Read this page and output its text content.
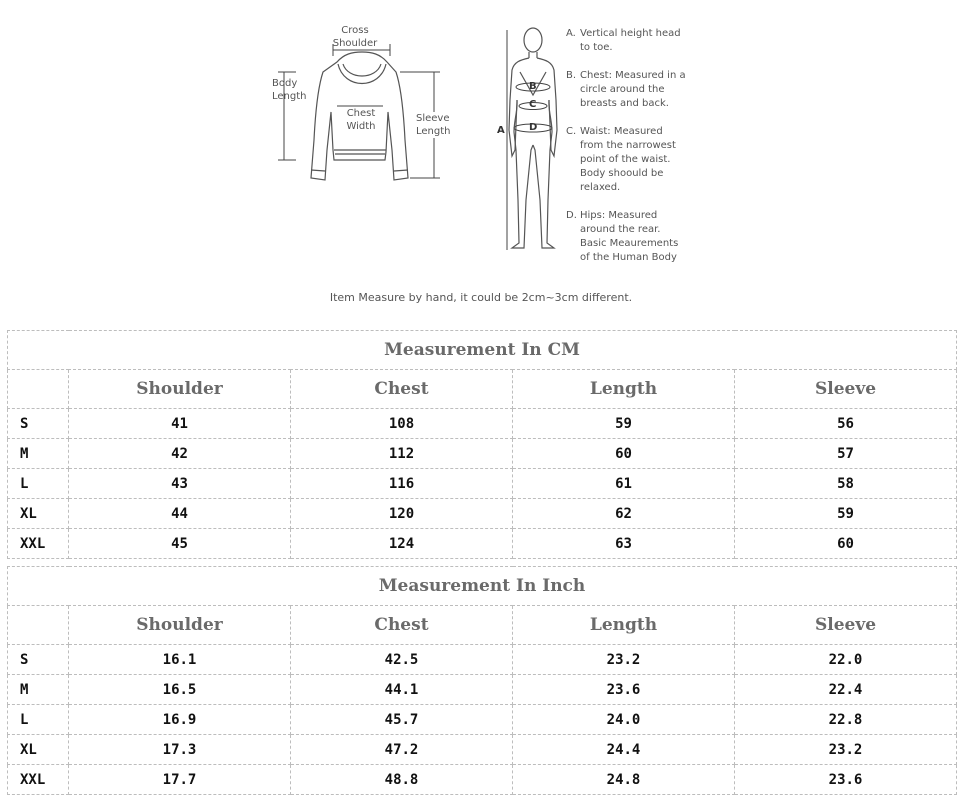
Cross
Shoulder
Body
Length
Chest
Width
Sleeve
Length	A
B
C
D
A. Vertical height head
to toe.
B. Chest: Measured in a
circle around the
breasts and back.
C. Waist: Measured
from the narrowest
point of the waist.
Body shoould be
relaxed.
D. Hips: Measured
around the rear.
Basic Meaurements
of the Human Body
Item Measure by hand, it could be 2cm~3cm different.
Measurement In CM				
	Shoulder	Chest	Length	Sleeve
S	41	108	59	56
M	42	112	60	57
L	43	116	61	58
XL	44	120	62	59
XXL	45	124	63	60
Measurement In Inch				
	Shoulder	Chest	Length	Sleeve
S	16.1	42.5	23.2	22.0
M	16.5	44.1	23.6	22.4
L	16.9	45.7	24.0	22.8
XL	17.3	47.2	24.4	23.2
XXL	17.7	48.8	24.8	23.6
